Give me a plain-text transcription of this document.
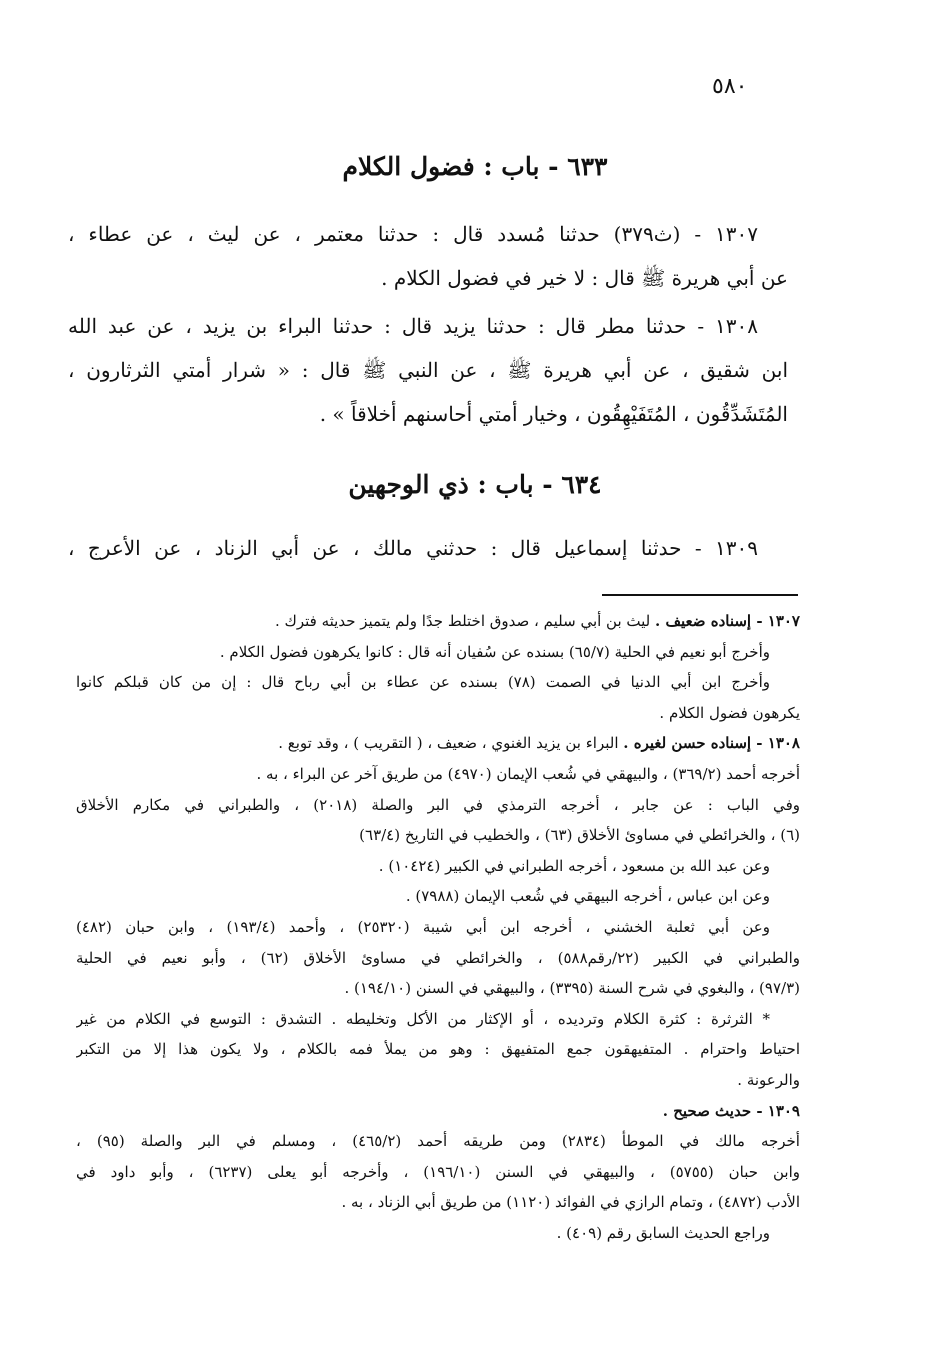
٥٨٠
٦٣٣ - باب : فضول الكلام
١٣٠٧ - (ث٣٧٩) حدثنا مُسدد قال : حدثنا معتمر ، عن ليث ، عن عطاء ،
عن أبي هريرة ﷺ قال : لا خير في فضول الكلام .
١٣٠٨ - حدثنا مطر قال : حدثنا يزيد قال : حدثنا البراء بن يزيد ، عن عبد الله
ابن شقيق ، عن أبي هريرة ﷺ ، عن النبي ﷺ قال : « شرار أمتي الثرثارون ،
المُتَشَدِّقُون ، المُتَفَيْهِقُون ، وخيار أمتي أحاسنهم أخلاقاً » .
٦٣٤ - باب : ذي الوجهين
١٣٠٩ - حدثنا إسماعيل قال : حدثني مالك ، عن أبي الزناد ، عن الأعرج ،
١٣٠٧ - إسناده ضعيف . ليث بن أبي سليم ، صدوق اختلط جدًا ولم يتميز حديثه فترك .
وأخرج أبو نعيم في الحلية (٦٥/٧) بسنده عن سُفيان أنه قال : كانوا يكرهون فضول الكلام .
وأخرج ابن أبي الدنيا في الصمت (٧٨) بسنده عن عطاء بن أبي رباح قال : إن من كان قبلكم كانوا
يكرهون فضول الكلام .
١٣٠٨ - إسناده حسن لغيره . البراء بن يزيد الغنوي ، ضعيف ، ( التقريب ) ، وقد توبع .
أخرجه أحمد (٣٦٩/٢) ، والبيهقي في شُعب الإيمان (٤٩٧٠) من طريق آخر عن البراء ، به .
وفي الباب : عن جابر ، أخرجه الترمذي في البر والصلة (٢٠١٨) ، والطبراني في مكارم الأخلاق
(٦) ، والخرائطي في مساوئ الأخلاق (٦٣) ، والخطيب في التاريخ (٦٣/٤)
وعن عبد الله بن مسعود ، أخرجه الطبراني في الكبير (١٠٤٢٤) .
وعن ابن عباس ، أخرجه البيهقي في شُعب الإيمان (٧٩٨٨) .
وعن أبي ثعلبة الخشني ، أخرجه ابن أبي شيبة (٢٥٣٢٠) ، وأحمد (١٩٣/٤) ، وابن حبان (٤٨٢)
والطبراني في الكبير (٢٢/رقم٥٨٨) ، والخرائطي في مساوئ الأخلاق (٦٢) ، وأبو نعيم في الحلية
(٩٧/٣) ، والبغوي في شرح السنة (٣٣٩٥) ، والبيهقي في السنن (١٩٤/١٠) .
* الثرثرة : كثرة الكلام وترديده ، أو الإكثار من الأكل وتخليطه . التشدق : التوسع في الكلام من غير
احتياط واحترام . المتفيهقون جمع المتفيهق : وهو من يملأ فمه بالكلام ، ولا يكون هذا إلا من التكبر
والرعونة .
١٣٠٩ - حديث صحيح .
أخرجه مالك في الموطأ (٢٨٣٤) ومن طريقه أحمد (٤٦٥/٢) ، ومسلم في البر والصلة (٩٥) ،
وابن حبان (٥٧٥٥) ، والبيهقي في السنن (١٩٦/١٠) ، وأخرجه أبو يعلى (٦٢٣٧) ، وأبو داود في
الأدب (٤٨٧٢) ، وتمام الرازي في الفوائد (١١٢٠) من طريق أبي الزناد ، به .
وراجع الحديث السابق رقم (٤٠٩) .
